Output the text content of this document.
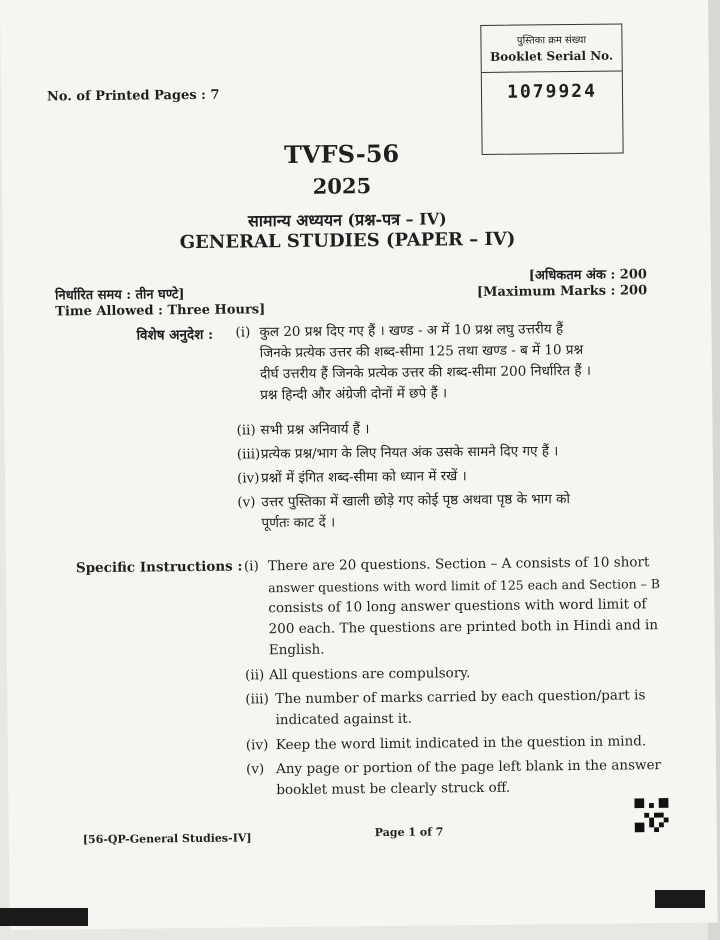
पुस्तिका क्रम संख्या
Booklet Serial No.
1079924
No. of Printed Pages : 7
TVFS-56
2025
सामान्य अध्ययन (प्रश्न-पत्र – IV)
GENERAL STUDIES (PAPER – IV)
निर्धारित समय : तीन घण्टे]
Time Allowed : Three Hours]
[अधिकतम अंक : 200
[Maximum Marks : 200
विशेष अनुदेश : (i) कुल 20 प्रश्न दिए गए हैं । खण्ड - अ में 10 प्रश्न लघु उत्तरीय हैं
जिनके प्रत्येक उत्तर की शब्द-सीमा 125 तथा खण्ड - ब में 10 प्रश्न
दीर्घ उत्तरीय हैं जिनके प्रत्येक उत्तर की शब्द-सीमा 200 निर्धारित हैं ।
प्रश्न हिन्दी और अंग्रेजी दोनों में छपे हैं ।
(ii) सभी प्रश्न अनिवार्य हैं ।
(iii) प्रत्येक प्रश्न/भाग के लिए नियत अंक उसके सामने दिए गए हैं ।
(iv) प्रश्नों में इंगित शब्द-सीमा को ध्यान में रखें ।
(v) उत्तर पुस्तिका में खाली छोड़े गए कोई पृष्ठ अथवा पृष्ठ के भाग को
पूर्णतः काट दें ।
Specific Instructions : (i) There are 20 questions. Section – A consists of 10 short
answer questions with word limit of 125 each and Section – B
consists of 10 long answer questions with word limit of
200 each. The questions are printed both in Hindi and in
English.
(ii) All questions are compulsory.
(iii) The number of marks carried by each question/part is
indicated against it.
(iv) Keep the word limit indicated in the question in mind.
(v) Any page or portion of the page left blank in the answer
booklet must be clearly struck off.
[56-QP-General Studies-IV]	Page 1 of 7
